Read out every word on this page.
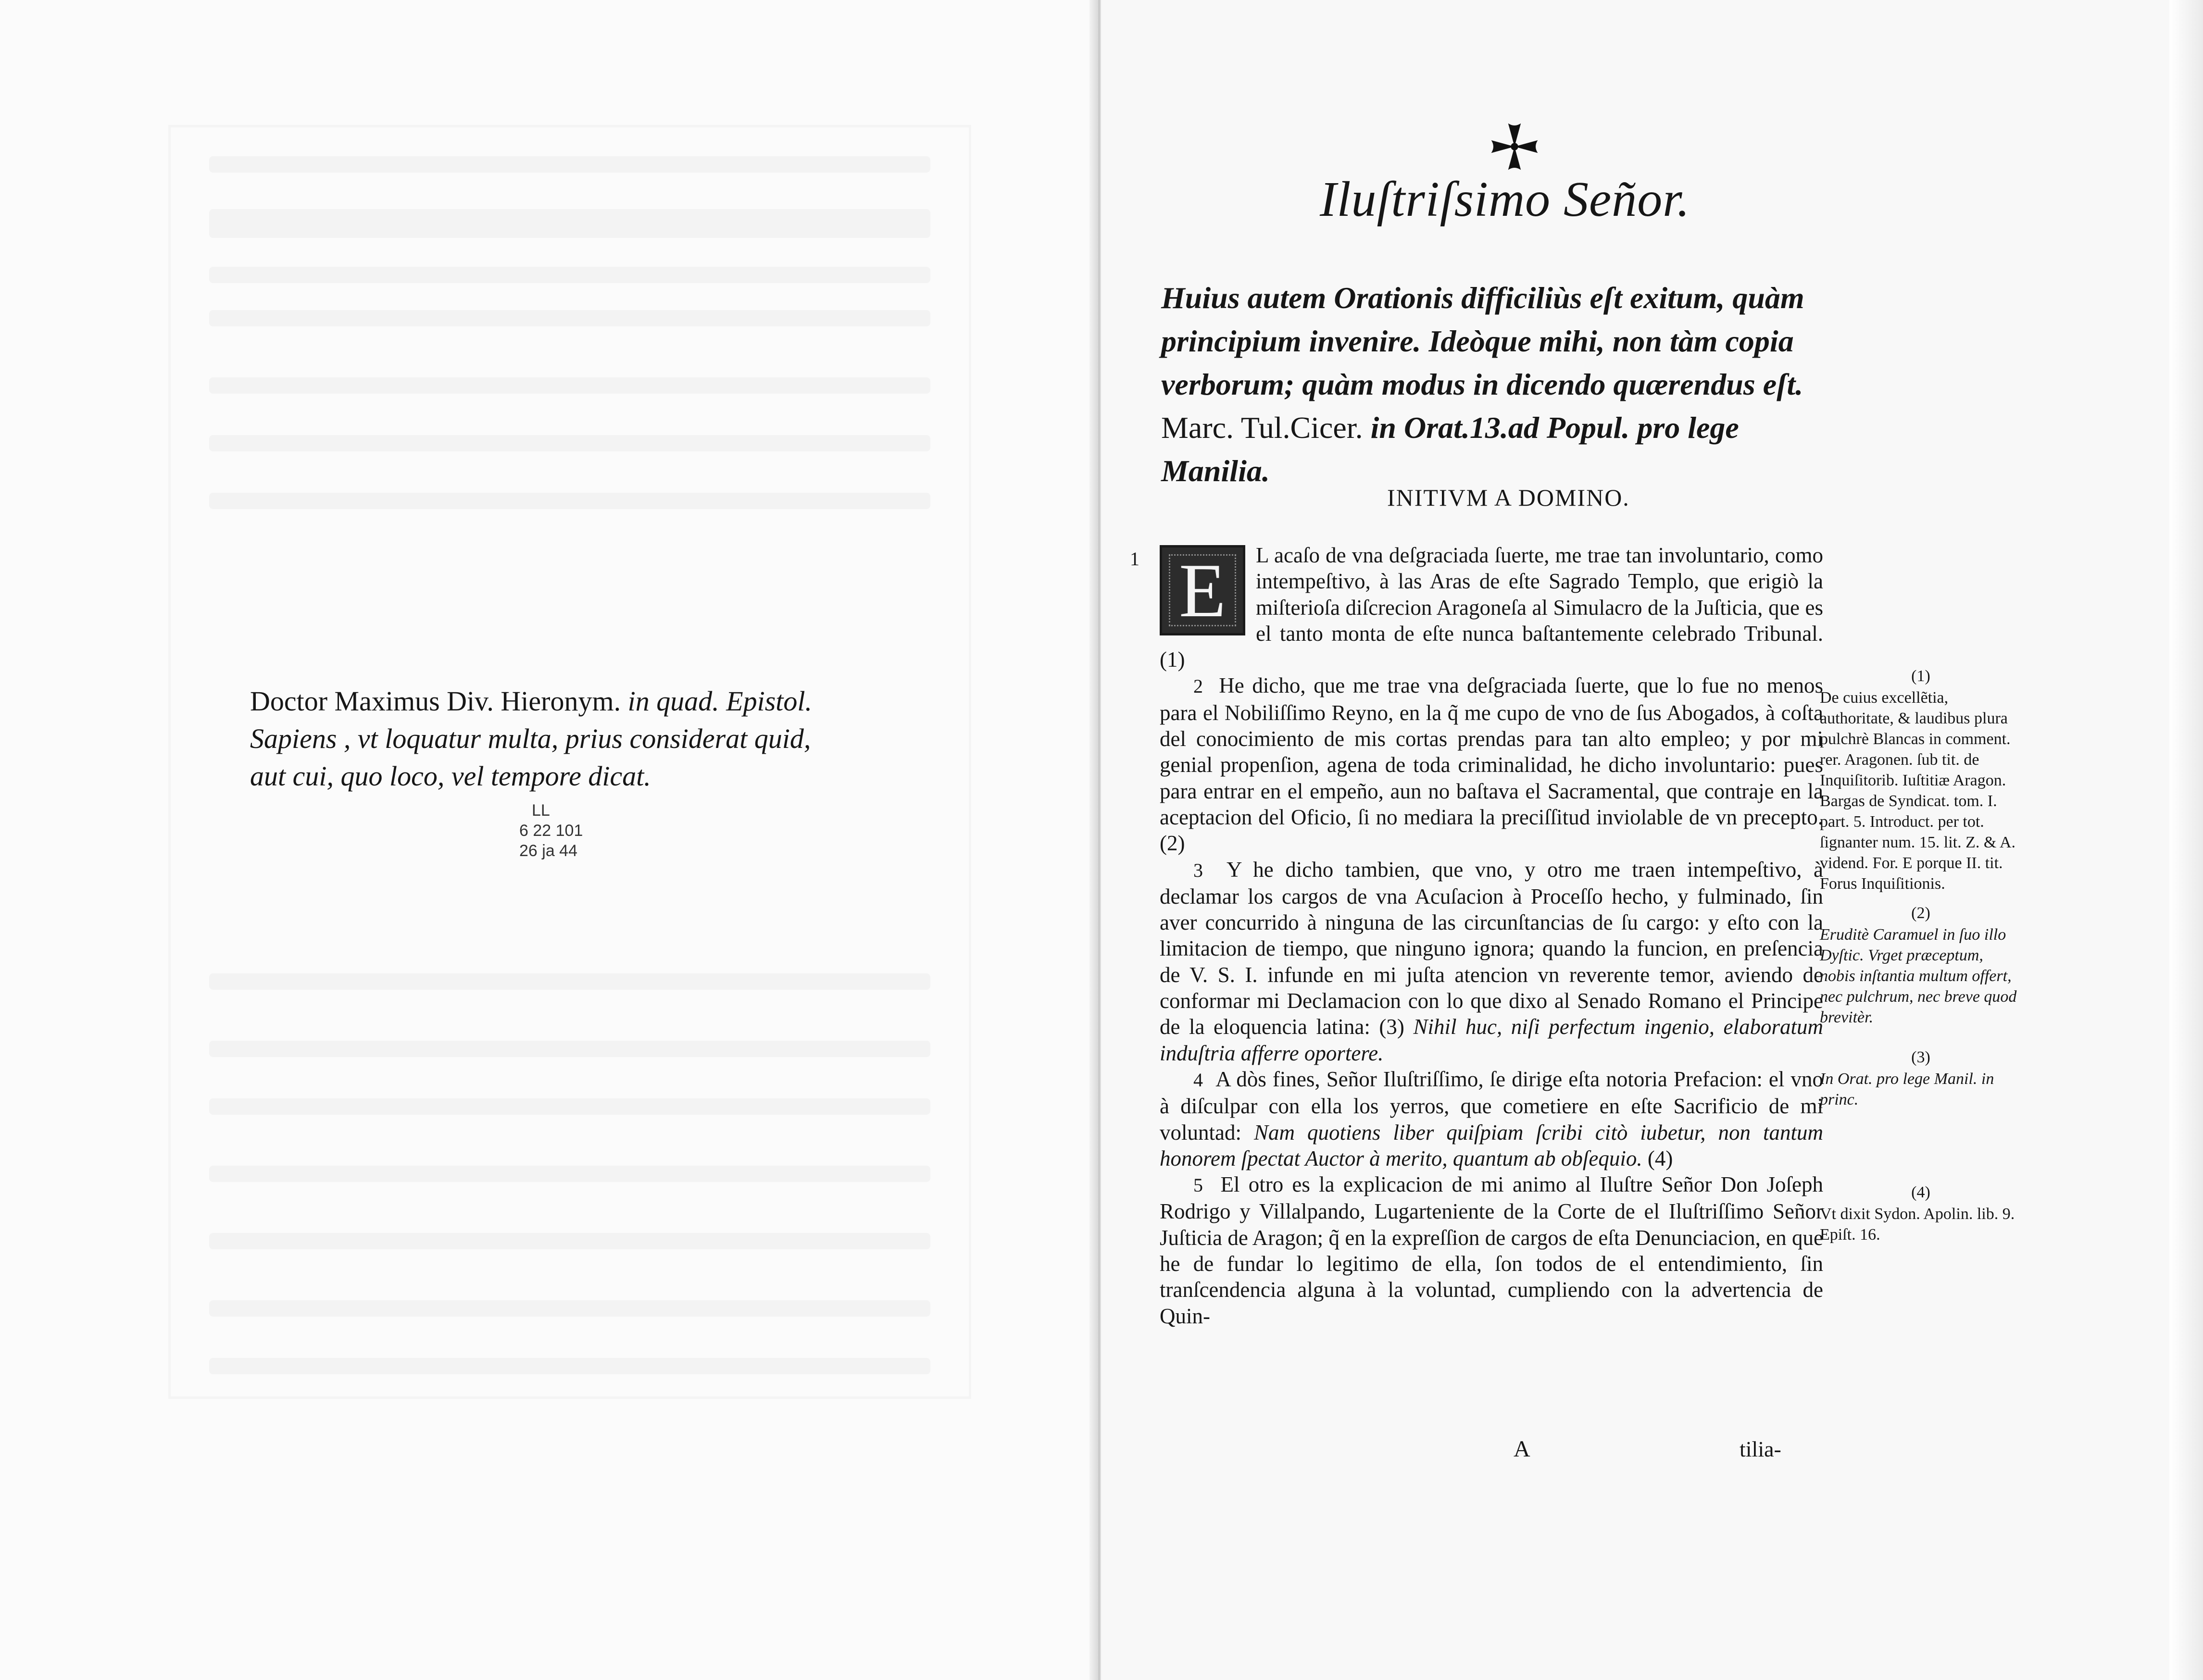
Doctor Maximus Div. Hieronym. in quad. Epistol.
Sapiens , vt loquatur multa, prius considerat quid,
aut cui, quo loco, vel tempore dicat.
LL
6 22 101
26 ja 44
Iluſtriſsimo Señor.
Huius autem Orationis difficiliùs eſt exitum, quàm principium invenire. Ideòque mihi, non tàm copia verborum; quàm modus in dicendo quærendus eſt. Marc. Tul.Cicer. in Orat.13.ad Popul. pro lege Manilia.
INITIVM A DOMINO.

1 E	L acaſo de vna deſgraciada ſuerte, me trae tan involuntario, como intempeſtivo, à las Aras de eſte Sagrado Templo, que erigiò la miſterioſa diſcrecion Aragoneſa al Simulacro de la Juſticia, que es el tanto monta de eſte nunca baſtantemente celebrado Tribunal. (1)

2 He dicho, que me trae vna deſgraciada ſuerte, que lo fue no menos para el Nobiliſſimo Reyno, en la q̃ me cupo de vno de ſus Abogados, à coſta del conocimiento de mis cortas prendas para tan alto empleo; y por mi genial propenſion, agena de toda criminalidad, he dicho involuntario: pues para entrar en el empeño, aun no baſtava el Sacramental, que contraje en la aceptacion del Oficio, ſi no mediara la preciſſitud inviolable de vn precepto. (2)

3 Y he dicho tambien, que vno, y otro me traen intempeſtivo, à declamar los cargos de vna Acuſacion à Proceſſo hecho, y fulminado, ſin aver concurrido à ninguna de las circunſtancias de ſu cargo: y eſto con la limitacion de tiempo, que ninguno ignora; quando la funcion, en preſencia de V. S. I. infunde en mi juſta atencion vn reverente temor, aviendo de conformar mi Declamacion con lo que dixo al Senado Romano el Principe de la eloquencia latina: (3) Nihil huc, niſi perfectum ingenio, elaboratum induſtria afferre oportere.

4 A dòs fines, Señor Iluſtriſſimo, ſe dirige eſta notoria Prefacion: el vno à diſculpar con ella los yerros, que cometiere en eſte Sacrificio de mi voluntad: Nam quotiens liber quiſpiam ſcribi citò iubetur, non tantum honorem ſpectat Auctor à merito, quantum ab obſequio. (4)

5 El otro es la explicacion de mi animo al Iluſtre Señor Don Joſeph Rodrigo y Villalpando, Lugarteniente de la Corte de el Iluſtriſſimo Señor Juſticia de Aragon; q̃ en la expreſſion de cargos de eſta Denunciacion, en que he de fundar lo legitimo de ella, ſon todos de el entendimiento, ſin tranſcendencia alguna à la voluntad, cumpliendo con la advertencia de Quin-

(1)

De cuius excellẽtia, authoritate, & laudibus plura pulchrè Blancas in comment. rer. Aragonen. ſub tit. de Inquiſitorib. Iuſtitiæ Aragon. Bargas de Syndicat. tom. I. part. 5. Introduct. per tot. ſignanter num. 15. lit. Z. & A. vidend. For. E porque II. tit. Forus Inquiſitionis.

(2)

Eruditè Caramuel in ſuo illo Dyſtic. Vrget præceptum, nobis inſtantia multum offert, nec pulchrum, nec breve quod brevitèr.

(3)

In Orat. pro lege Manil. in princ.

(4)

Vt dixit Sydon. Apolin. lib. 9. Epiſt. 16.

A	tilia-
